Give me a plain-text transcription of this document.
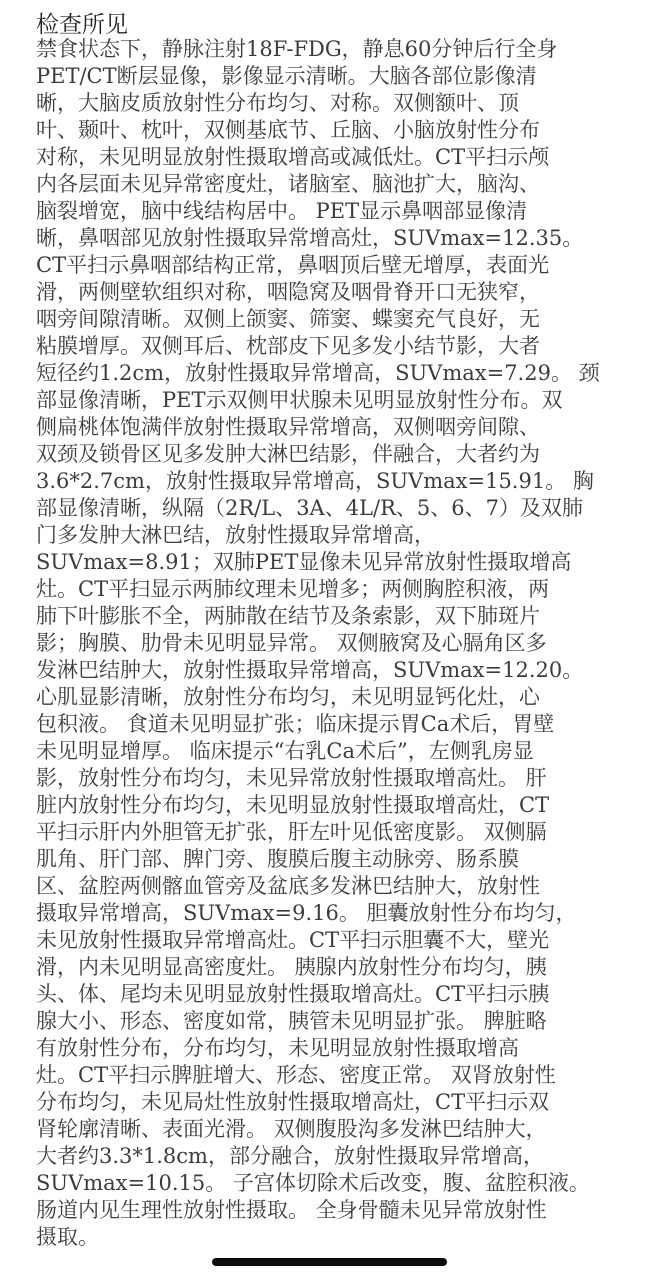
检查所见
禁食状态下，静脉注射18F-FDG，静息60分钟后行全身
PET/CT断层显像，影像显示清晰。大脑各部位影像清
晰，大脑皮质放射性分布均匀、对称。双侧额叶、顶
叶、颞叶、枕叶，双侧基底节、丘脑、小脑放射性分布
对称，未见明显放射性摄取增高或减低灶。CT平扫示颅
内各层面未见异常密度灶，诸脑室、脑池扩大，脑沟、
脑裂增宽，脑中线结构居中。 PET显示鼻咽部显像清
晰，鼻咽部见放射性摄取异常增高灶，SUVmax=12.35。
CT平扫示鼻咽部结构正常，鼻咽顶后壁无增厚，表面光
滑，两侧壁软组织对称，咽隐窝及咽骨脊开口无狭窄，
咽旁间隙清晰。双侧上颌窦、筛窦、蝶窦充气良好，无
粘膜增厚。双侧耳后、枕部皮下见多发小结节影，大者
短径约1.2cm，放射性摄取异常增高，SUVmax=7.29。 颈
部显像清晰，PET示双侧甲状腺未见明显放射性分布。双
侧扁桃体饱满伴放射性摄取异常增高，双侧咽旁间隙、
双颈及锁骨区见多发肿大淋巴结影，伴融合，大者约为
3.6*2.7cm，放射性摄取异常增高，SUVmax=15.91。 胸
部显像清晰，纵隔（2R/L、3A、4L/R、5、6、7）及双肺
门多发肿大淋巴结，放射性摄取异常增高，
SUVmax=8.91；双肺PET显像未见异常放射性摄取增高
灶。CT平扫显示两肺纹理未见增多；两侧胸腔积液，两
肺下叶膨胀不全，两肺散在结节及条索影，双下肺斑片
影；胸膜、肋骨未见明显异常。 双侧腋窝及心膈角区多
发淋巴结肿大，放射性摄取异常增高，SUVmax=12.20。
心肌显影清晰，放射性分布均匀，未见明显钙化灶，心
包积液。 食道未见明显扩张；临床提示胃Ca术后，胃壁
未见明显增厚。 临床提示“右乳Ca术后”，左侧乳房显
影，放射性分布均匀，未见异常放射性摄取增高灶。 肝
脏内放射性分布均匀，未见明显放射性摄取增高灶，CT
平扫示肝内外胆管无扩张，肝左叶见低密度影。 双侧膈
肌角、肝门部、脾门旁、腹膜后腹主动脉旁、肠系膜
区、盆腔两侧髂血管旁及盆底多发淋巴结肿大，放射性
摄取异常增高，SUVmax=9.16。 胆囊放射性分布均匀，
未见放射性摄取异常增高灶。CT平扫示胆囊不大，壁光
滑，内未见明显高密度灶。 胰腺内放射性分布均匀，胰
头、体、尾均未见明显放射性摄取增高灶。CT平扫示胰
腺大小、形态、密度如常，胰管未见明显扩张。 脾脏略
有放射性分布，分布均匀，未见明显放射性摄取增高
灶。CT平扫示脾脏增大、形态、密度正常。 双肾放射性
分布均匀，未见局灶性放射性摄取增高灶，CT平扫示双
肾轮廓清晰、表面光滑。 双侧腹股沟多发淋巴结肿大，
大者约3.3*1.8cm，部分融合，放射性摄取异常增高，
SUVmax=10.15。 子宫体切除术后改变，腹、盆腔积液。
肠道内见生理性放射性摄取。 全身骨髓未见异常放射性
摄取。
